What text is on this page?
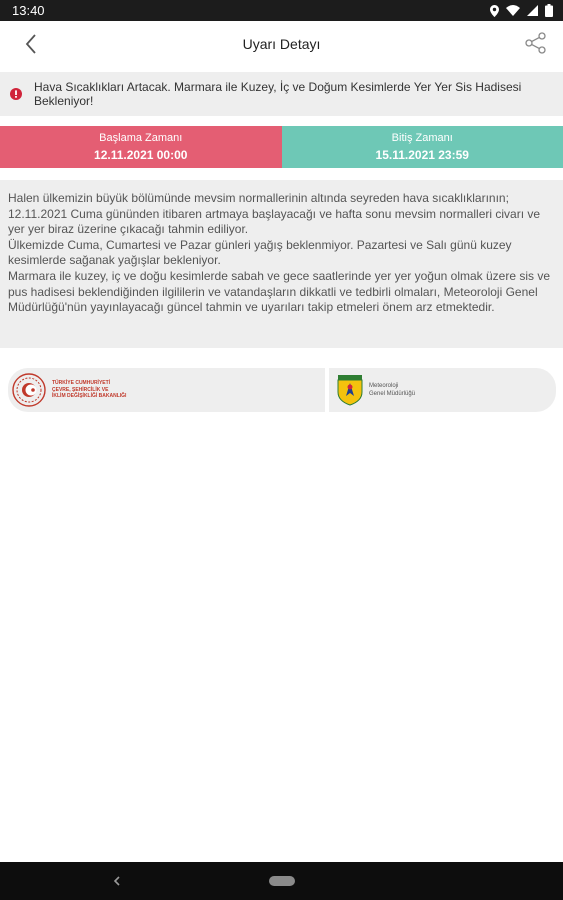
13:40
Uyarı Detayı
Hava Sıcaklıkları Artacak. Marmara ile Kuzey, İç ve Doğum Kesimlerde Yer Yer Sis Hadisesi Bekleniyor!
Başlama Zamanı
12.11.2021 00:00
Bitiş Zamanı
15.11.2021 23:59

Halen ülkemizin büyük bölümünde mevsim normallerinin altında seyreden hava sıcaklıklarının; 12.11.2021 Cuma gününden itibaren artmaya başlayacağı ve hafta sonu mevsim normalleri civarı ve yer yer biraz üzerine çıkacağı tahmin ediliyor.

Ülkemizde Cuma, Cumartesi ve Pazar günleri yağış beklenmiyor. Pazartesi ve Salı günü kuzey kesimlerde sağanak yağışlar bekleniyor.

Marmara ile kuzey, iç ve doğu kesimlerde sabah ve gece saatlerinde yer yer yoğun olmak üzere sis ve pus hadisesi beklendiğinden ilgililerin ve vatandaşların dikkatli ve tedbirli olmaları, Meteoroloji Genel Müdürlüğü'nün yayınlayacağı güncel tahmin ve uyarıları takip etmeleri önem arz etmektedir.

TÜRKİYE CUMHURİYETİ
ÇEVRE, ŞEHİRCİLİK VE
İKLİM DEĞİŞİKLİĞİ BAKANLIĞI
Meteoroloji
Genel Müdürlüğü
